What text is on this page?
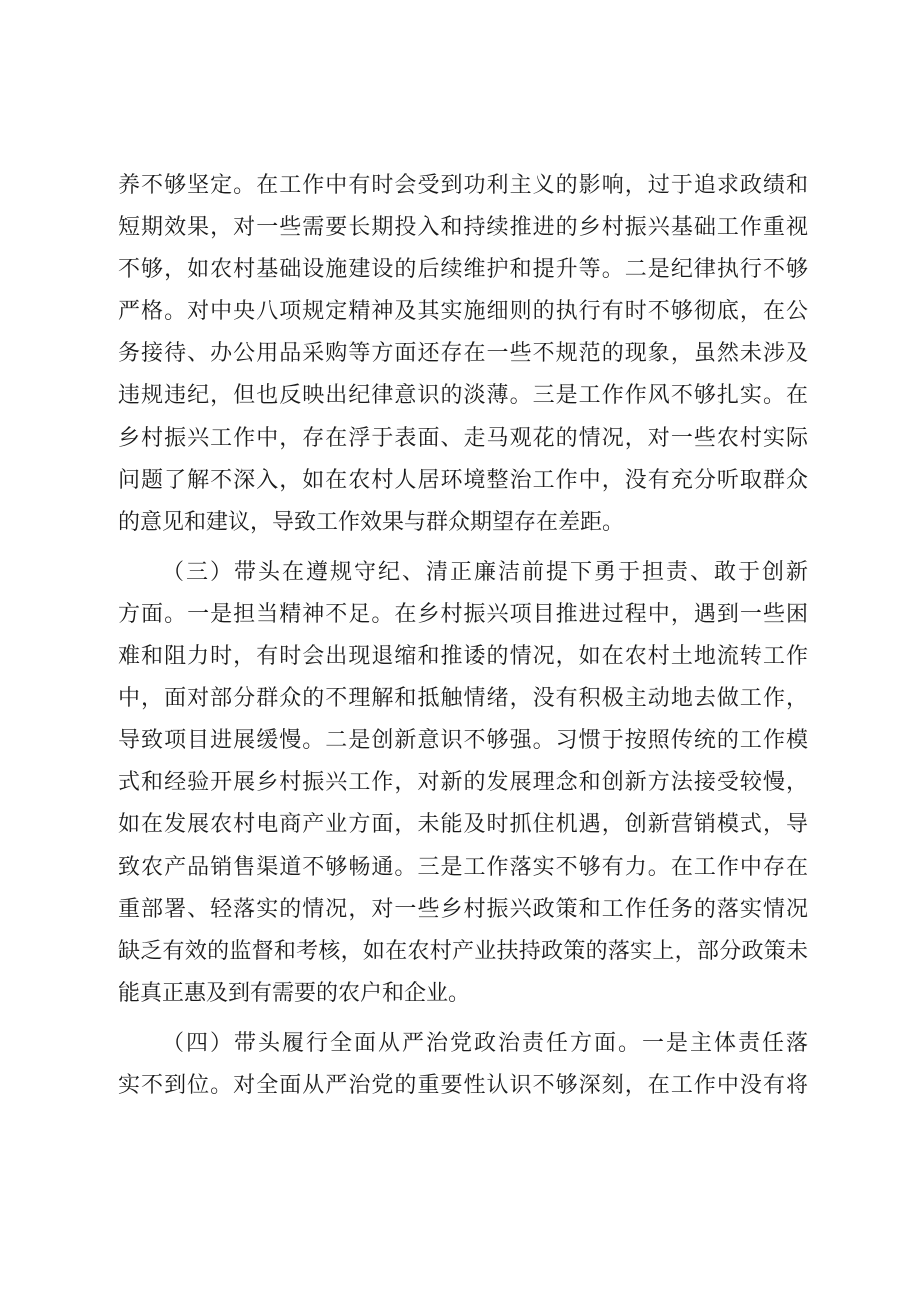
养不够坚定。在工作中有时会受到功利主义的影响，过于追求政绩和
短期效果，对一些需要长期投入和持续推进的乡村振兴基础工作重视
不够，如农村基础设施建设的后续维护和提升等。二是纪律执行不够
严格。对中央八项规定精神及其实施细则的执行有时不够彻底，在公
务接待、办公用品采购等方面还存在一些不规范的现象，虽然未涉及
违规违纪，但也反映出纪律意识的淡薄。三是工作作风不够扎实。在
乡村振兴工作中，存在浮于表面、走马观花的情况，对一些农村实际
问题了解不深入，如在农村人居环境整治工作中，没有充分听取群众
的意见和建议，导致工作效果与群众期望存在差距。
（三）带头在遵规守纪、清正廉洁前提下勇于担责、敢于创新
方面。一是担当精神不足。在乡村振兴项目推进过程中，遇到一些困
难和阻力时，有时会出现退缩和推诿的情况，如在农村土地流转工作
中，面对部分群众的不理解和抵触情绪，没有积极主动地去做工作，
导致项目进展缓慢。二是创新意识不够强。习惯于按照传统的工作模
式和经验开展乡村振兴工作，对新的发展理念和创新方法接受较慢，
如在发展农村电商产业方面，未能及时抓住机遇，创新营销模式，导
致农产品销售渠道不够畅通。三是工作落实不够有力。在工作中存在
重部署、轻落实的情况，对一些乡村振兴政策和工作任务的落实情况
缺乏有效的监督和考核，如在农村产业扶持政策的落实上，部分政策未
能真正惠及到有需要的农户和企业。
（四）带头履行全面从严治党政治责任方面。一是主体责任落
实不到位。对全面从严治党的重要性认识不够深刻，在工作中没有将
